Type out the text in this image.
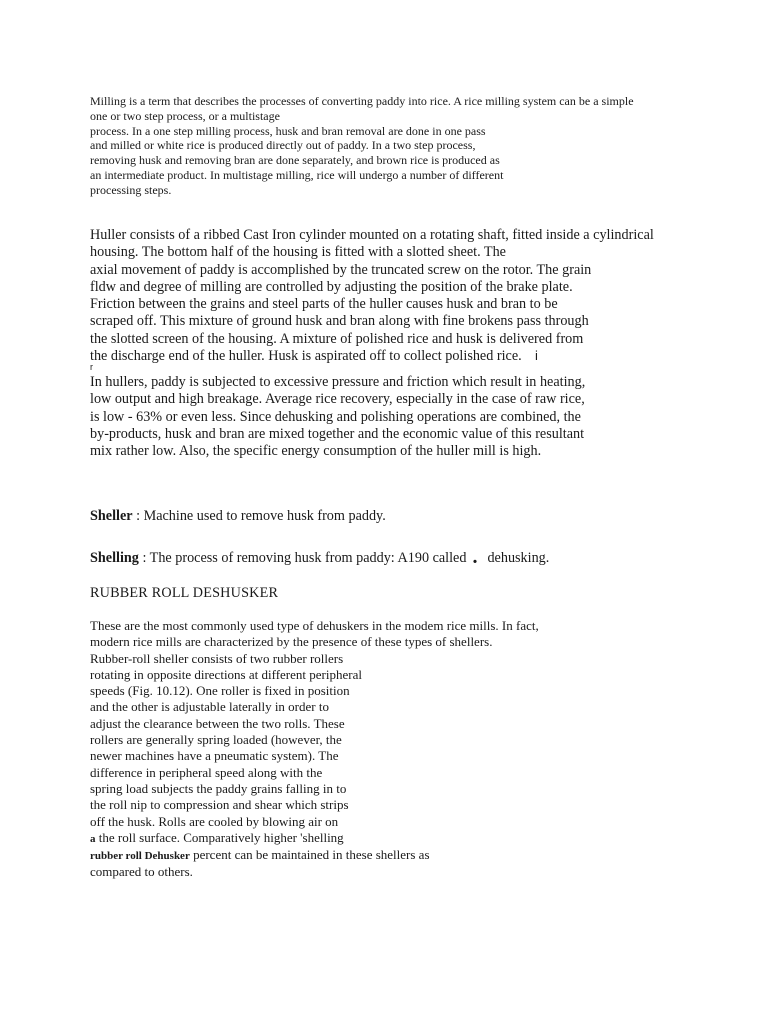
Milling is a term that describes the processes of converting paddy into rice. A rice milling system can be a simple
one or two step process, or a multistage
process. In a one step milling process, husk and bran removal are done in one pass
and milled or white rice is produced directly out of paddy. In a two step process,
removing husk and removing bran are done separately, and brown rice is produced as
an intermediate product. In multistage milling, rice will undergo a number of different
processing steps.
Huller consists of a ribbed Cast Iron cylinder mounted on a rotating shaft, fitted inside a cylindrical
housing. The bottom half of the housing is fitted with a slotted sheet. The
axial movement of paddy is accomplished by the truncated screw on the rotor. The grain
fldw and degree of milling are controlled by adjusting the position of the brake plate.
Friction between the grains and steel parts of the huller causes husk and bran to be
scraped off. This mixture of ground husk and bran along with fine brokens pass through
the slotted screen of the housing. A mixture of polished rice and husk is delivered from
the discharge end of the huller. Husk is aspirated off to collect polished rice.	i
r
In hullers, paddy is subjected to excessive pressure and friction which result in heating,
low output and high breakage. Average rice recovery, especially in the case of raw rice,
is low - 63% or even less. Since dehusking and polishing operations are combined, the
by-products, husk and bran are mixed together and the economic value of this resultant
mix rather low. Also, the specific energy consumption of the huller mill is high.
Sheller : Machine used to remove husk from paddy.
Shelling : The process of removing husk from paddy: A190 called . dehusking.
RUBBER ROLL DESHUSKER
These are the most commonly used type of dehuskers in the modem rice mills. In fact,
modern rice mills are characterized by the presence of these types of shellers.
Rubber-roll sheller consists of two rubber rollers
rotating in opposite directions at different peripheral
speeds (Fig. 10.12). One roller is fixed in position
and the other is adjustable laterally in order to
adjust the clearance between the two rolls. These
rollers are generally spring loaded (however, the
newer machines have a pneumatic system). The
difference in peripheral speed along with the
spring load subjects the paddy grains falling in to
the roll nip to compression and shear which strips
off the husk. Rolls are cooled by blowing air on
a the roll surface. Comparatively higher 'shelling
rubber roll Dehusker percent can be maintained in these shellers as
compared to others.
